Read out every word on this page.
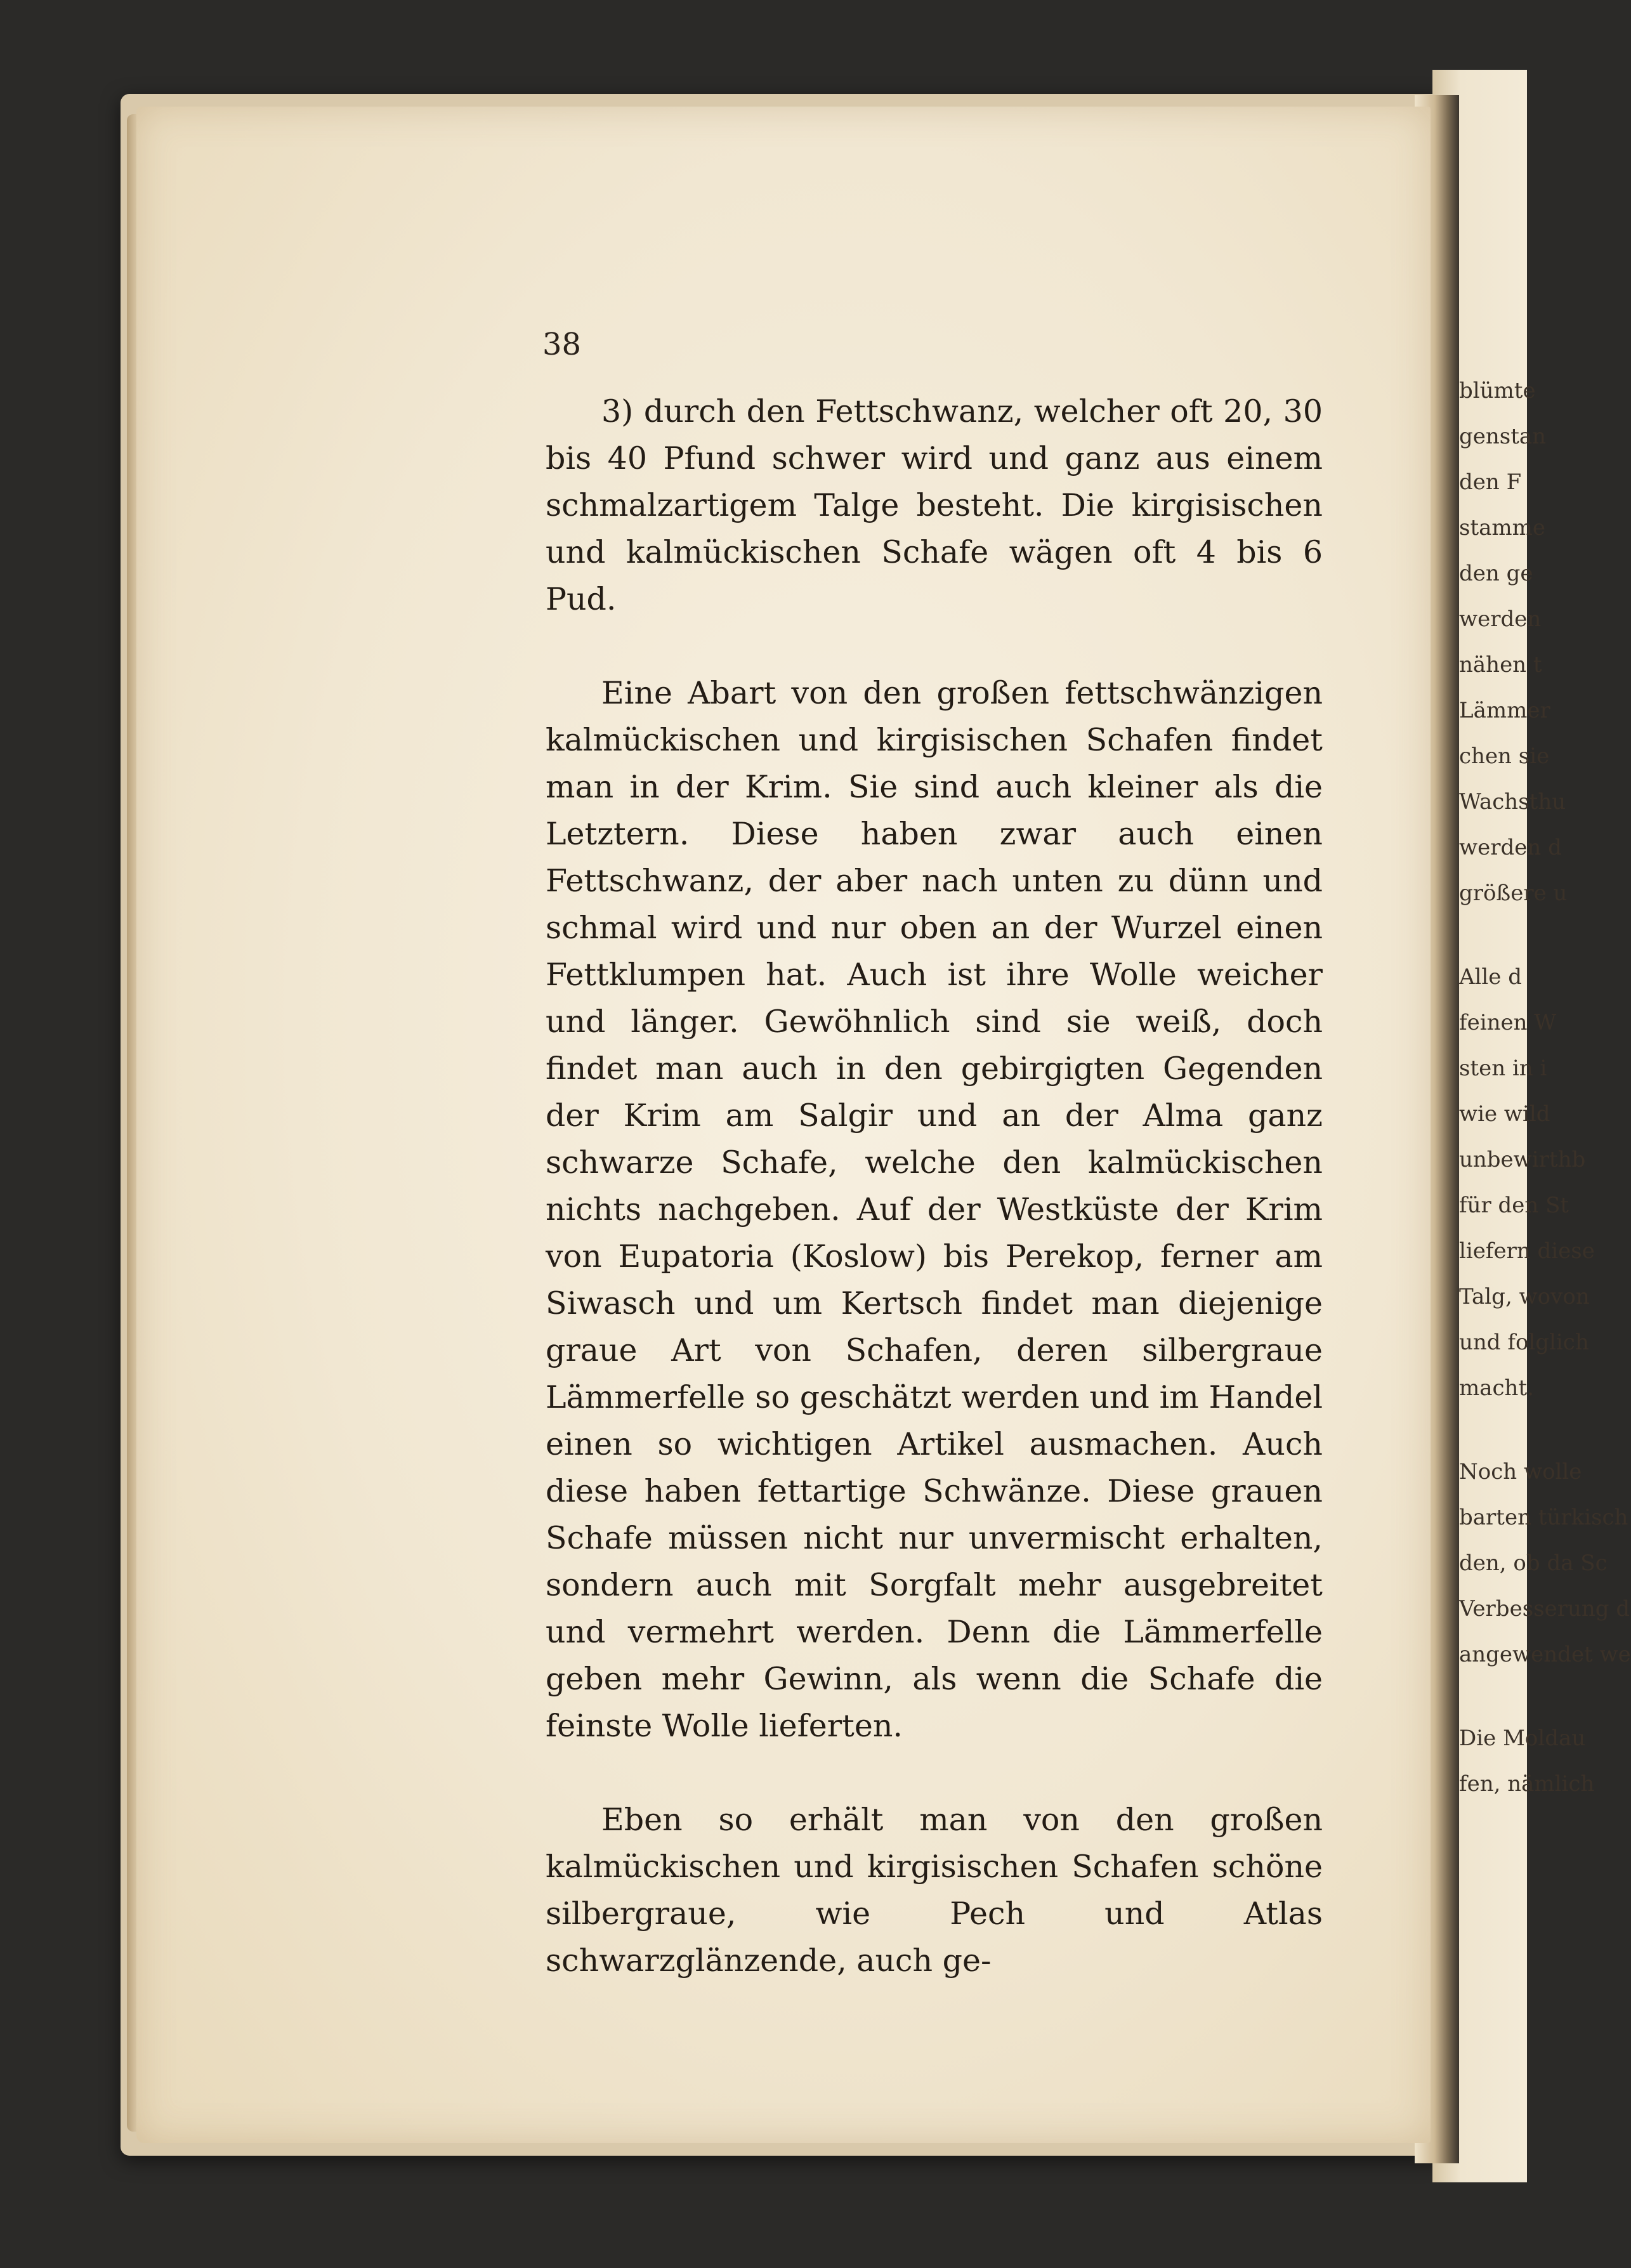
38

3) durch den Fettschwanz, welcher oft 20, 30 bis 40 Pfund schwer wird und ganz aus einem schmalzartigem Talge besteht. Die kirgisischen und kalmückischen Schafe wägen oft 4 bis 6 Pud.

Eine Abart von den großen fettschwänzigen kalmückischen und kirgisischen Schafen findet man in der Krim. Sie sind auch kleiner als die Letztern. Diese haben zwar auch einen Fettschwanz, der aber nach unten zu dünn und schmal wird und nur oben an der Wurzel einen Fettklumpen hat. Auch ist ihre Wolle weicher und länger. Gewöhnlich sind sie weiß, doch findet man auch in den gebirgigten Gegenden der Krim am Salgir und an der Alma ganz schwarze Schafe, welche den kalmückischen nichts nachgeben. Auf der Westküste der Krim von Eupatoria (Koslow) bis Perekop, ferner am Siwasch und um Kertsch findet man diejenige graue Art von Schafen, deren silbergraue Lämmerfelle so geschätzt werden und im Handel einen so wichtigen Artikel ausmachen. Auch diese haben fettartige Schwänze. Diese grauen Schafe müssen nicht nur unvermischt erhalten, sondern auch mit Sorgfalt mehr ausgebreitet und vermehrt werden. Denn die Lämmerfelle geben mehr Gewinn, als wenn die Schafe die feinste Wolle lieferten.

Eben so erhält man von den großen kalmückischen und kirgisischen Schafen schöne silbergraue, wie Pech und Atlas schwarzglänzende, auch ge-

blümte
genstan
den F
stamme
den ge
werden
nähen t
Lämmer
chen sie
Wachsthu
werden d
größere u
Alle d
feinen W
sten in i
wie wild
unbewirthb
für den St
liefern diese
Talg, wovon
und folglich
macht.
Noch wolle
barten türkisch
den, ob da Sc
Verbesserung d
angewendet we
Die Moldau
fen, nämlich
